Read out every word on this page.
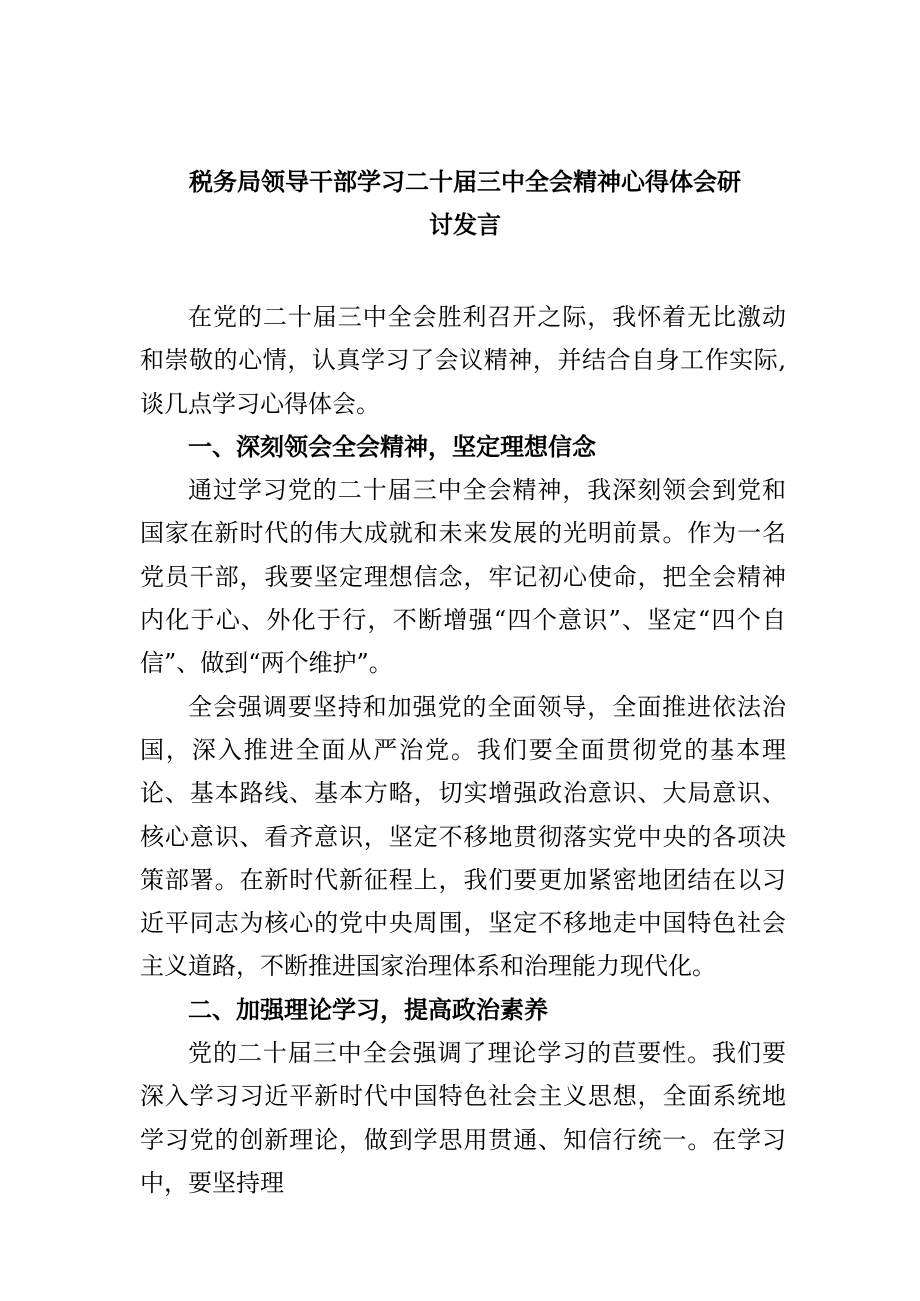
税务局领导干部学习二十届三中全会精神心得体会研
讨发言

在党的二十届三中全会胜利召开之际，我怀着无比激动和崇敬的心情，认真学习了会议精神，并结合自身工作实际,谈几点学习心得体会。

一、深刻领会全会精神，坚定理想信念

通过学习党的二十届三中全会精神，我深刻领会到党和国家在新时代的伟大成就和未来发展的光明前景。作为一名党员干部，我要坚定理想信念，牢记初心使命，把全会精神内化于心、外化于行，不断增强“四个意识”、坚定“四个自信”、做到“两个维护”。

全会强调要坚持和加强党的全面领导，全面推进依法治国，深入推进全面从严治党。我们要全面贯彻党的基本理论、基本路线、基本方略，切实增强政治意识、大局意识、核心意识、看齐意识，坚定不移地贯彻落实党中央的各项决策部署。在新时代新征程上，我们要更加紧密地团结在以习近平同志为核心的党中央周围，坚定不移地走中国特色社会主义道路，不断推进国家治理体系和治理能力现代化。

二、加强理论学习，提高政治素养

党的二十届三中全会强调了理论学习的苣要性。我们要深入学习习近平新时代中国特色社会主义思想，全面系统地学习党的创新理论，做到学思用贯通、知信行统一。在学习中，要坚持理
